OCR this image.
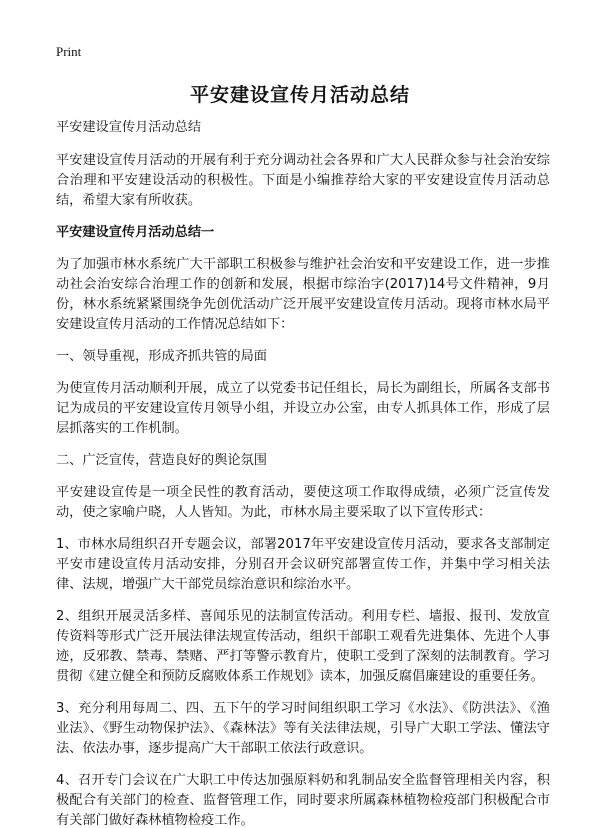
Print
平安建设宣传月活动总结

平安建设宣传月活动总结

平安建设宣传月活动的开展有利于充分调动社会各界和广大人民群众参与社会治安综合治理和平安建设活动的积极性。下面是小编推荐给大家的平安建设宣传月活动总结，希望大家有所收获。

平安建设宣传月活动总结一

为了加强市林水系统广大干部职工积极参与维护社会治安和平安建设工作，进一步推动社会治安综合治理工作的创新和发展，根据市综治字(2017)14号文件精神，9月份，林水系统紧紧围绕争先创优活动广泛开展平安建设宣传月活动。现将市林水局平安建设宣传月活动的工作情况总结如下：

一、领导重视，形成齐抓共管的局面

为使宣传月活动顺利开展，成立了以党委书记任组长，局长为副组长，所属各支部书记为成员的平安建设宣传月领导小组，并设立办公室，由专人抓具体工作，形成了层层抓落实的工作机制。

二、广泛宣传，营造良好的舆论氛围

平安建设宣传是一项全民性的教育活动，要使这项工作取得成绩，必须广泛宣传发动，使之家喻户晓，人人皆知。为此，市林水局主要采取了以下宣传形式：

1、市林水局组织召开专题会议，部署2017年平安建设宣传月活动，要求各支部制定平安市建设宣传月活动安排，分别召开会议研究部署宣传工作，并集中学习相关法律、法规，增强广大干部党员综治意识和综治水平。

2、组织开展灵活多样、喜闻乐见的法制宣传活动。利用专栏、墙报、报刊、发放宣传资料等形式广泛开展法律法规宣传活动，组织干部职工观看先进集体、先进个人事迹，反邪教、禁毒、禁赌、严打等警示教育片，使职工受到了深刻的法制教育。学习贯彻《建立健全和预防反腐败体系工作规划》读本，加强反腐倡廉建设的重要任务。

3、充分利用每周二、四、五下午的学习时间组织职工学习《水法》、《防洪法》、《渔业法》、《野生动物保护法》、《森林法》等有关法律法规，引导广大职工学法、懂法守法、依法办事，逐步提高广大干部职工依法行政意识。

4、召开专门会议在广大职工中传达加强原料奶和乳制品安全监督管理相关内容，积极配合有关部门的检查、监督管理工作，同时要求所属森林植物检疫部门积极配合市有关部门做好森林植物检疫工作。
